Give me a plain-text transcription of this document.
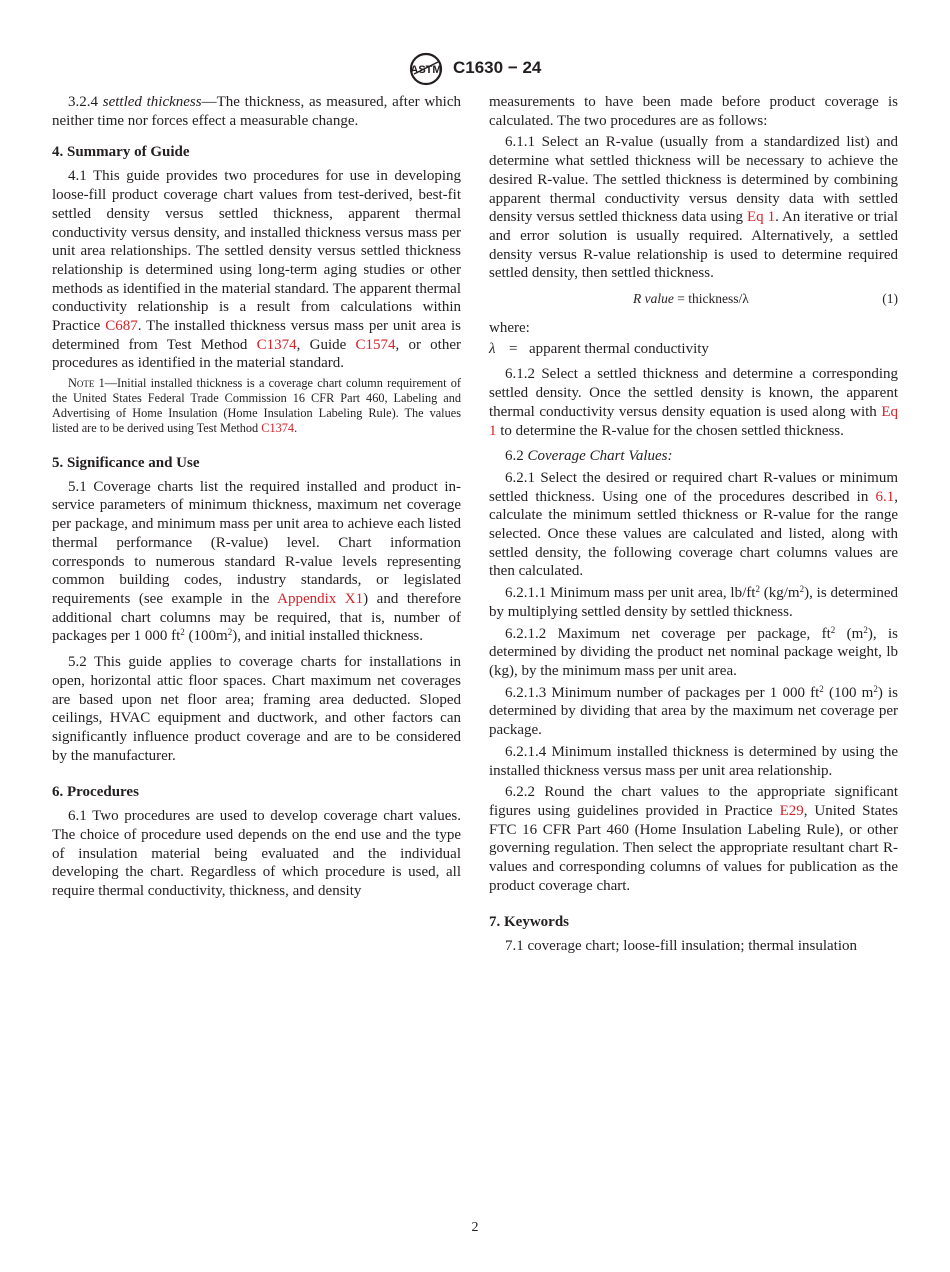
ASTM C1630 − 24

3.2.4 settled thickness—The thickness, as measured, after which neither time nor forces effect a measurable change.

4. Summary of Guide

4.1 This guide provides two procedures for use in developing loose-fill product coverage chart values from test-derived, best-fit settled density versus settled thickness, apparent thermal conductivity versus density, and installed thickness versus mass per unit area relationships. The settled density versus settled thickness relationship is determined using long-term aging studies or other methods as identified in the material standard. The apparent thermal conductivity relationship is a result from calculations within Practice C687. The installed thickness versus mass per unit area is determined from Test Method C1374, Guide C1574, or other procedures as identified in the material standard.

Note 1—Initial installed thickness is a coverage chart column requirement of the United States Federal Trade Commission 16 CFR Part 460, Labeling and Advertising of Home Insulation (Home Insulation Labeling Rule). The values listed are to be derived using Test Method C1374.

5. Significance and Use

5.1 Coverage charts list the required installed and product in-service parameters of minimum thickness, maximum net coverage per package, and minimum mass per unit area to achieve each listed thermal performance (R-value) level. Chart information corresponds to numerous standard R-value levels representing common building codes, industry standards, or legislated requirements (see example in the Appendix X1) and therefore additional chart columns may be required, that is, number of packages per 1 000 $ft^2$ $(100m^2)$, and initial installed thickness.

5.2 This guide applies to coverage charts for installations in open, horizontal attic floor spaces. Chart maximum net coverages are based upon net floor area; framing area deducted. Sloped ceilings, HVAC equipment and ductwork, and other factors can significantly influence product coverage and are to be considered by the manufacturer.

6. Procedures

6.1 Two procedures are used to develop coverage chart values. The choice of procedure used depends on the end use and the type of insulation material being evaluated and the individual developing the chart. Regardless of which procedure is used, all require thermal conductivity, thickness, and density

measurements to have been made before product coverage is calculated. The two procedures are as follows:

6.1.1 Select an R-value (usually from a standardized list) and determine what settled thickness will be necessary to achieve the desired R-value. The settled thickness is determined by combining apparent thermal conductivity versus density data with settled density versus settled thickness data using Eq 1. An iterative or trial and error solution is usually required. Alternatively, a settled density versus R-value relationship is used to determine required settled density, then settled thickness.

R value = thickness/λ	(1)

where:

λ = apparent thermal conductivity

6.1.2 Select a settled thickness and determine a corresponding settled density. Once the settled density is known, the apparent thermal conductivity versus density equation is used along with Eq 1 to determine the R-value for the chosen settled thickness.

6.2 Coverage Chart Values:

6.2.1 Select the desired or required chart R-values or minimum settled thickness. Using one of the procedures described in 6.1, calculate the minimum settled thickness or R-value for the range selected. Once these values are calculated and listed, along with settled density, the following coverage chart columns values are then calculated.

6.2.1.1 Minimum mass per unit area, $lb/ft^2$ $(kg/m^2)$, is determined by multiplying settled density by settled thickness.

6.2.1.2 Maximum net coverage per package, $ft^2$ $(m^2)$, is determined by dividing the product net nominal package weight, lb (kg), by the minimum mass per unit area.

6.2.1.3 Minimum number of packages per 1 000 $ft^2$ (100 $m^2$) is determined by dividing that area by the maximum net coverage per package.

6.2.1.4 Minimum installed thickness is determined by using the installed thickness versus mass per unit area relationship.

6.2.2 Round the chart values to the appropriate significant figures using guidelines provided in Practice E29, United States FTC 16 CFR Part 460 (Home Insulation Labeling Rule), or other governing regulation. Then select the appropriate resultant chart R-values and corresponding columns of values for publication as the product coverage chart.

7. Keywords

7.1 coverage chart; loose-fill insulation; thermal insulation

2
